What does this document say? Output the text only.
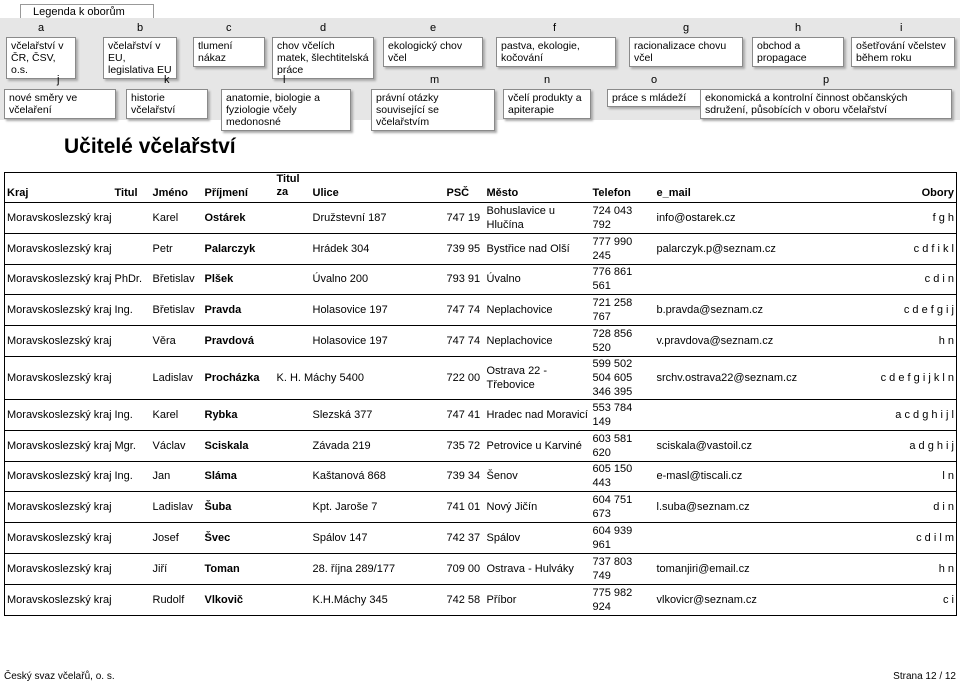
Legenda k oborům
a
včelařství v ČR, ČSV, o.s.
b
včelařství v EU, legislativa EU
c
tlumení nákaz
d
chov včelích matek, šlechtitelská práce
e
ekologický chov včel
f
pastva, ekologie, kočování
g
racionalizace chovu včel
h
obchod a propagace
i
ošetřování včelstev během roku
j
nové směry ve včelaření
k
historie včelařství
l
anatomie, biologie a fyziologie včely medonosné
m
právní otázky související se včelařstvím
n
včelí produkty a apiterapie
o
práce s mládeží
p
ekonomická a kontrolní činnost občanských sdružení, působících v oboru včelařství
Učitelé včelařství
Kraj	Titul	Jméno	Příjmení	Titul za	Ulice	PSČ	Město	Telefon	e_mail	Obory
Moravskoslezský kraj		Karel	Ostárek		Družstevní 187	747 19	Bohuslavice u Hlučína	724 043 792	info@ostarek.cz	f g h
Moravskoslezský kraj		Petr	Palarczyk		Hrádek 304	739 95	Bystřice nad Olší	777 990 245	palarczyk.p@seznam.cz	c d f i k l
Moravskoslezský kraj	PhDr.	Břetislav	Plšek		Úvalno 200	793 91	Úvalno	776 861 561		c d i n
Moravskoslezský kraj	Ing.	Břetislav	Pravda		Holasovice 197	747 74	Neplachovice	721 258 767	b.pravda@seznam.cz	c d e f g i j
Moravskoslezský kraj		Věra	Pravdová		Holasovice 197	747 74	Neplachovice	728 856 520	v.pravdova@seznam.cz	h n
Moravskoslezský kraj		Ladislav	Procházka	K. H. Máchy 5400		722 00	Ostrava 22 - Třebovice	599 502 504 605 346 395	srchv.ostrava22@seznam.cz	c d e f g i j k l n
Moravskoslezský kraj	Ing.	Karel	Rybka		Slezská 377	747 41	Hradec nad Moravicí	553 784 149		a c d g h i j l
Moravskoslezský kraj	Mgr.	Václav	Sciskala		Závada 219	735 72	Petrovice u Karviné	603 581 620	sciskala@vastoil.cz	a d g h i j
Moravskoslezský kraj	Ing.	Jan	Sláma		Kaštanová 868	739 34	Šenov	605 150 443	e-masl@tiscali.cz	l n
Moravskoslezský kraj		Ladislav	Šuba		Kpt. Jaroše 7	741 01	Nový Jičín	604 751 673	l.suba@seznam.cz	d i n
Moravskoslezský kraj		Josef	Švec		Spálov 147	742 37	Spálov	604 939 961		c d i l m
Moravskoslezský kraj		Jiří	Toman		28. října 289/177	709 00	Ostrava - Hulváky	737 803 749	tomanjiri@email.cz	h n
Moravskoslezský kraj		Rudolf	Vlkovič		K.H.Máchy 345	742 58	Příbor	775 982 924	vlkovicr@seznam.cz	c i
Český svaz včelařů, o. s.	Strana 12 / 12
